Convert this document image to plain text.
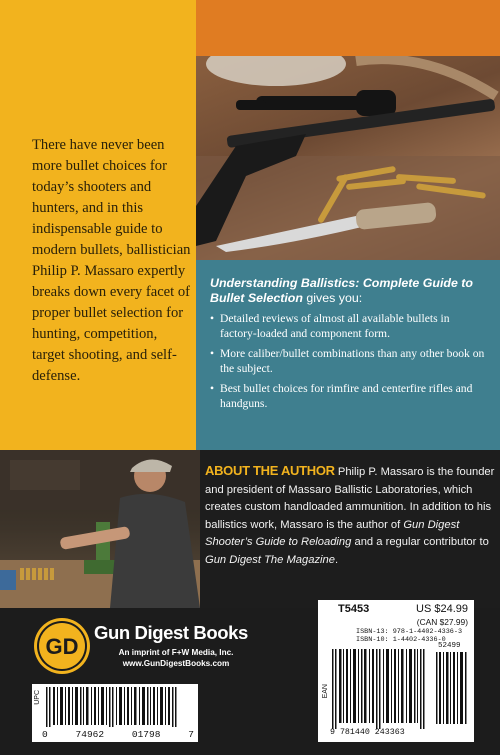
There have never been more bullet choices for today’s shooters and hunters, and in this indispensable guide to modern bullets, ballistician Philip P. Massaro expertly breaks down every facet of proper bullet selection for hunting, competition, target shooting, and self-defense.

Understanding Ballistics: Complete Guide to Bullet Selection gives you:

• Detailed reviews of almost all available bullets in factory-loaded and component form.
• More caliber/bullet combinations than any other book on the subject.
• Best bullet choices for rimfire and centerfire rifles and handguns.

ABOUT THE AUTHOR Philip P. Massaro is the founder and president of Massaro Ballistic Laboratories, which creates custom handloaded ammunition. In addition to his ballistics work, Massaro is the author of Gun Digest Shooter’s Guide to Reloading and a regular contributor to Gun Digest The Magazine.

GD
Gun Digest Books
An imprint of F+W Media, Inc.
www.GunDigestBooks.com
UPC
0	74962	01798	7
T5453	US $24.99
(CAN $27.99)
ISBN-13: 978-1-4402-4336-3
ISBN-10: 1-4402-4336-0
EAN
52499
9 781440 243363
